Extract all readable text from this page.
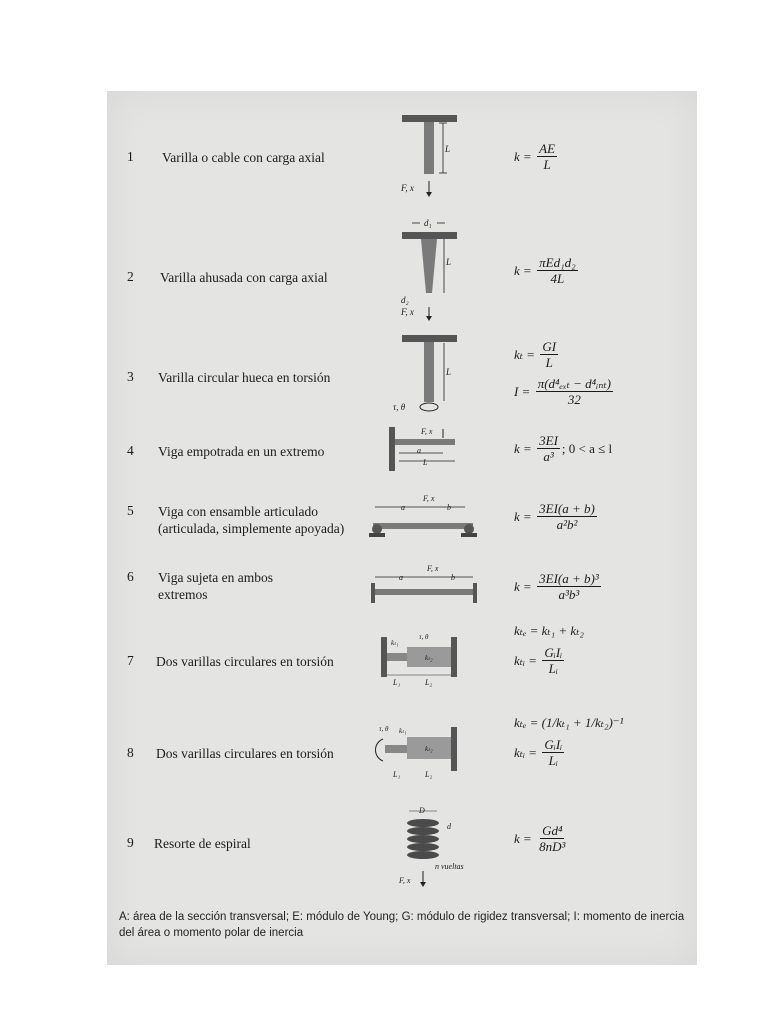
1 Varilla o cable con carga axial
L
F, x
$k = \frac{AE}{L}$
2 Varilla ahusada con carga axial
d₁
L
d₂
F, x
$k = \frac{\text{πEd₁d₂}}{4L}$
3 Varilla circular hueca en torsión	L
τ, θ
$k_t = \frac{GI}{L}$
$I = \frac{\text{π(d⁴ₑₓₜ − d⁴ᵢₙₜ)}}{32}$
4 Viga empotrada en un extremo
F, x
a
L
$k = \frac{3EI}{\text{a³}}$ ; 0 < a ≤ l
5 Viga con ensamble articulado
(articulada, simplemente apoyada)
F, x
a	b
$k = \frac{3EI(a + b)}{\text{a²b²}}$
6 Viga sujeta en ambos
extremos
F, x
a	b
$k = \frac{\text{3EI(a + b)³}}{\text{a³b³}}$
7 Dos varillas circulares en torsión
kₜ₁
τ, θ
kₜ₂
L₁	L₂
kₜₑ = kₜ₁ + kₜ₂
kₜᵢ = $\frac{\text{GᵢIᵢ}}{\text{Lᵢ}}$
8 Dos varillas circulares en torsión
τ, θ kₜ₁
kₜ₂
L₁	L₂
kₜₑ = (1/kₜ₁ + 1/kₜ₂)⁻¹
kₜᵢ = $\frac{\text{GᵢIᵢ}}{\text{Lᵢ}}$
9 Resorte de espiral
D
d
n vueltas
F, x
$k = \frac{\text{Gd⁴}}{\text{8nD³}}$
A: área de la sección transversal; E: módulo de Young; G: módulo de rigidez transversal; I: momento de inercia del área o momento polar de inercia
